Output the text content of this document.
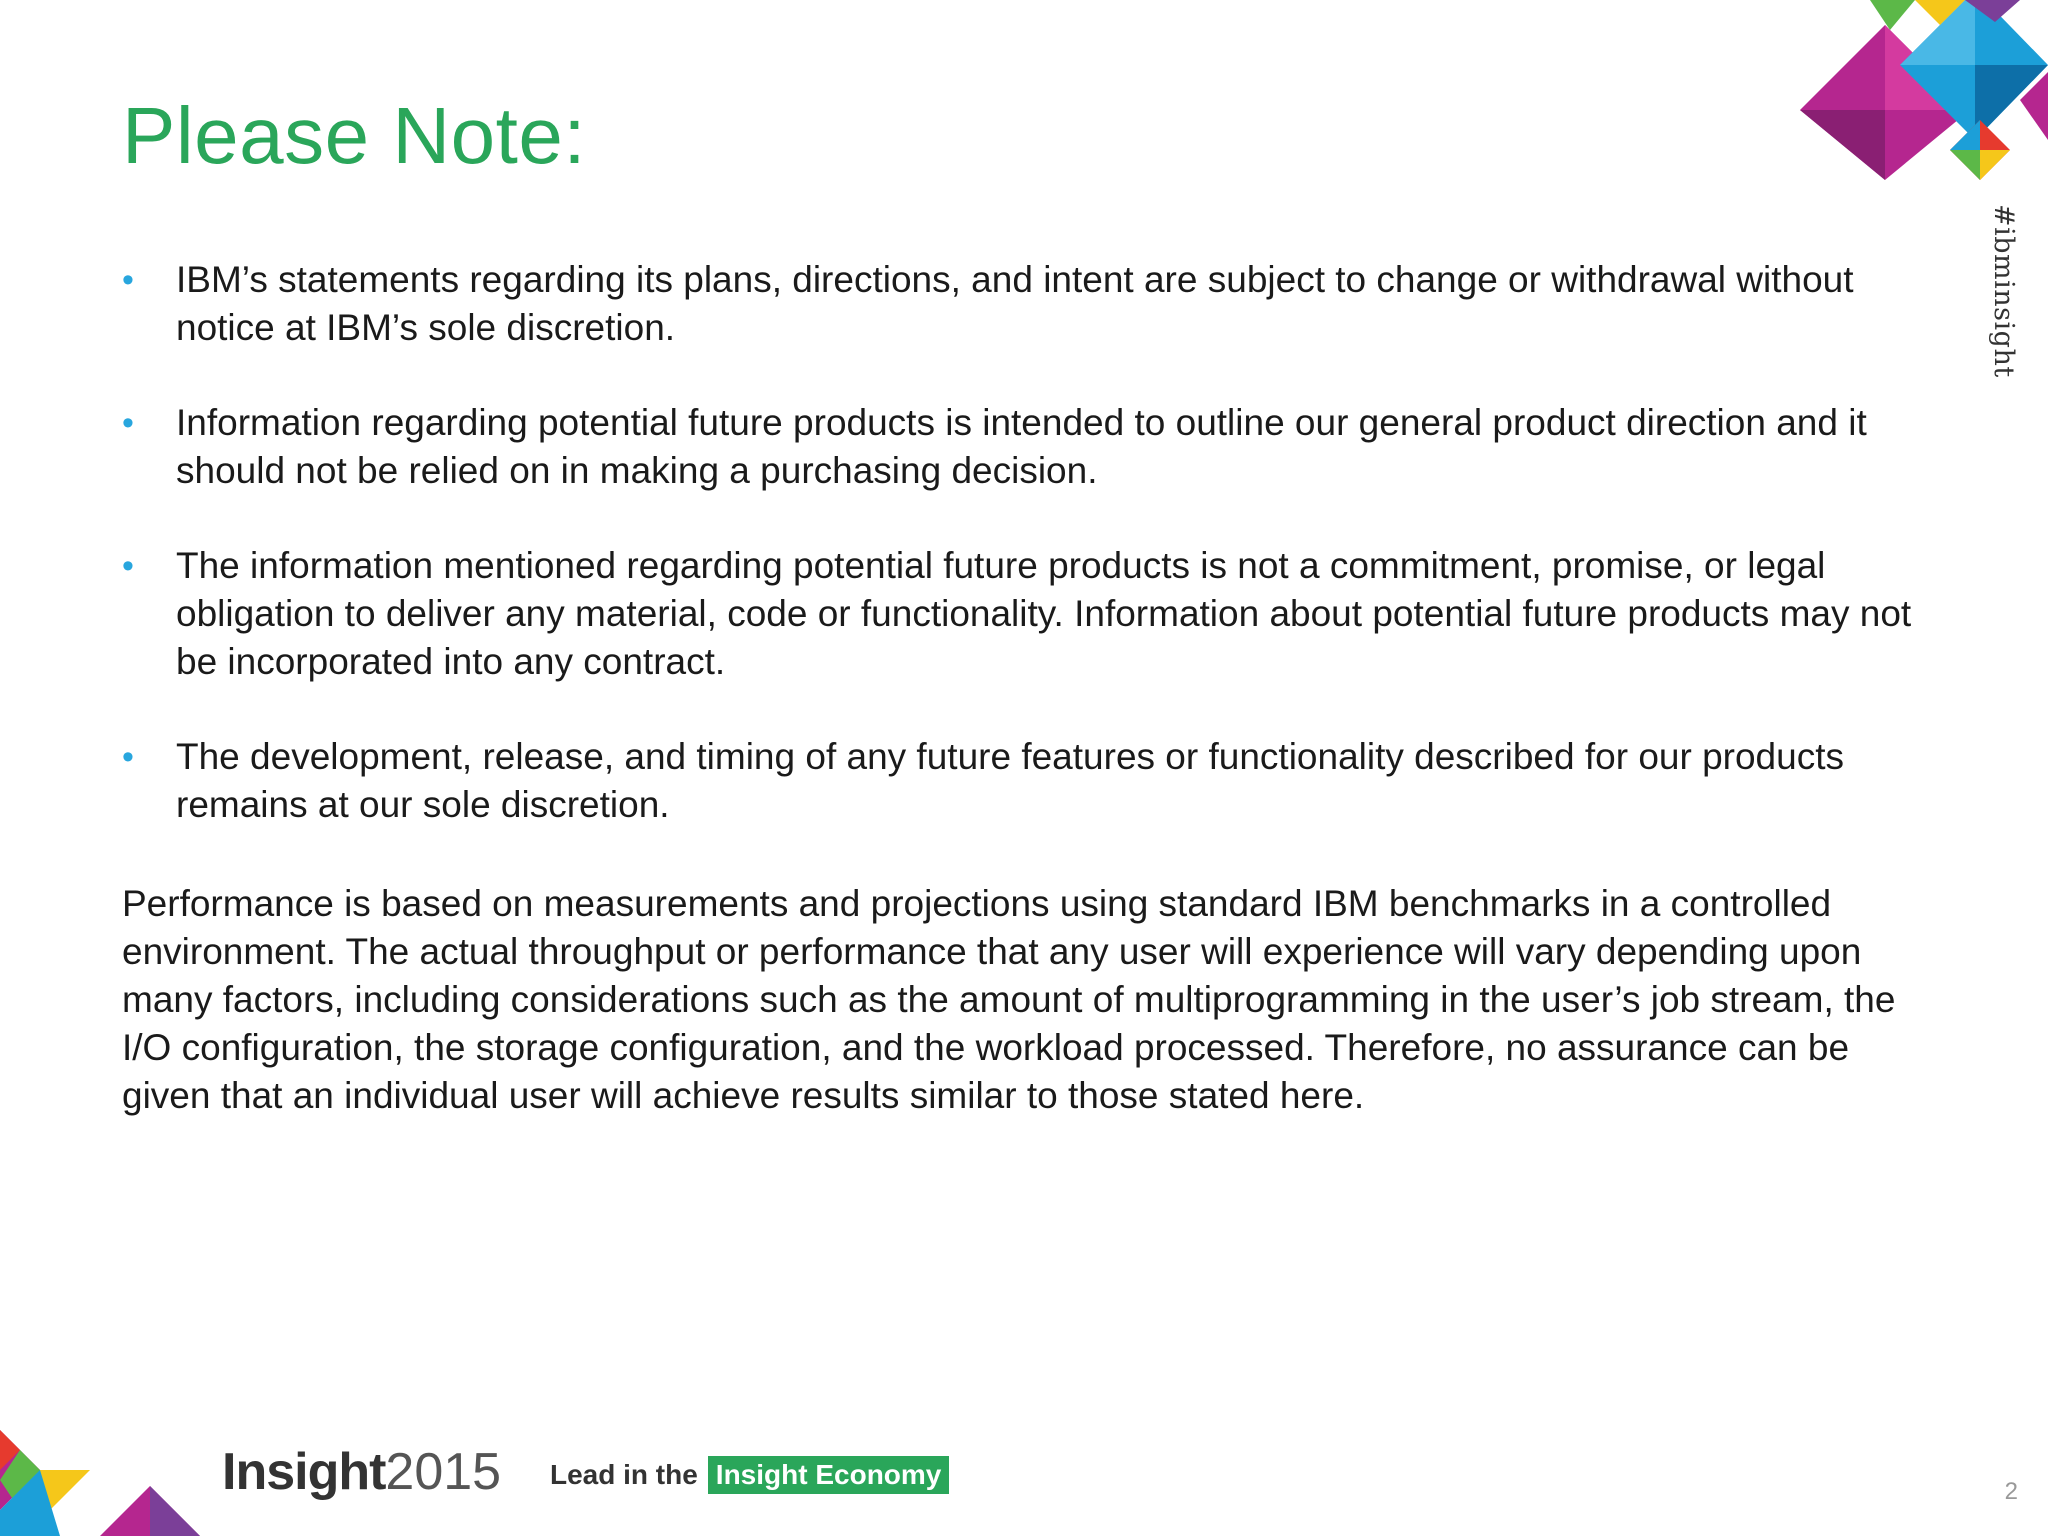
Please Note:
#ibminsight
• IBM’s statements regarding its plans, directions, and intent are subject to change or withdrawal without notice at IBM’s sole discretion.
• Information regarding potential future products is intended to outline our general product direction and it should not be relied on in making a purchasing decision.
• The information mentioned regarding potential future products is not a commitment, promise, or legal obligation to deliver any material, code or functionality. Information about potential future products may not be incorporated into any contract.
• The development, release, and timing of any future features or functionality described for our products remains at our sole discretion.

Performance is based on measurements and projections using standard IBM benchmarks in a controlled environment. The actual throughput or performance that any user will experience will vary depending upon many factors, including considerations such as the amount of multiprogramming in the user’s job stream, the I/O configuration, the storage configuration, and the workload processed. Therefore, no assurance can be given that an individual user will achieve results similar to those stated here.

Insight2015 Lead in the Insight Economy
2
